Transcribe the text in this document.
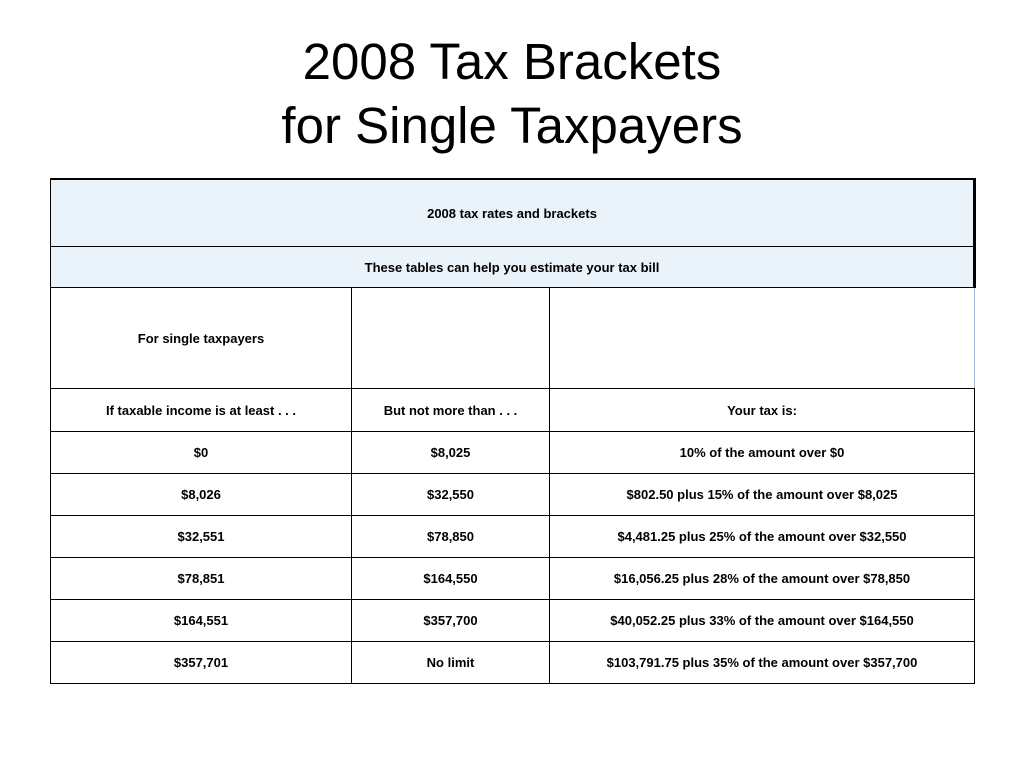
2008 Tax Brackets
for Single Taxpayers
2008 tax rates and brackets		
These tables can help you estimate your tax bill		
For single taxpayers		
If taxable income is at least . . .	But not more than . . .	Your tax is:
$0	$8,025	10% of the amount over $0
$8,026	$32,550	$802.50 plus 15% of the amount over $8,025
$32,551	$78,850	$4,481.25 plus 25% of the amount over $32,550
$78,851	$164,550	$16,056.25 plus 28% of the amount over $78,850
$164,551	$357,700	$40,052.25 plus 33% of the amount over $164,550
$357,701	No limit	$103,791.75 plus 35% of the amount over $357,700
